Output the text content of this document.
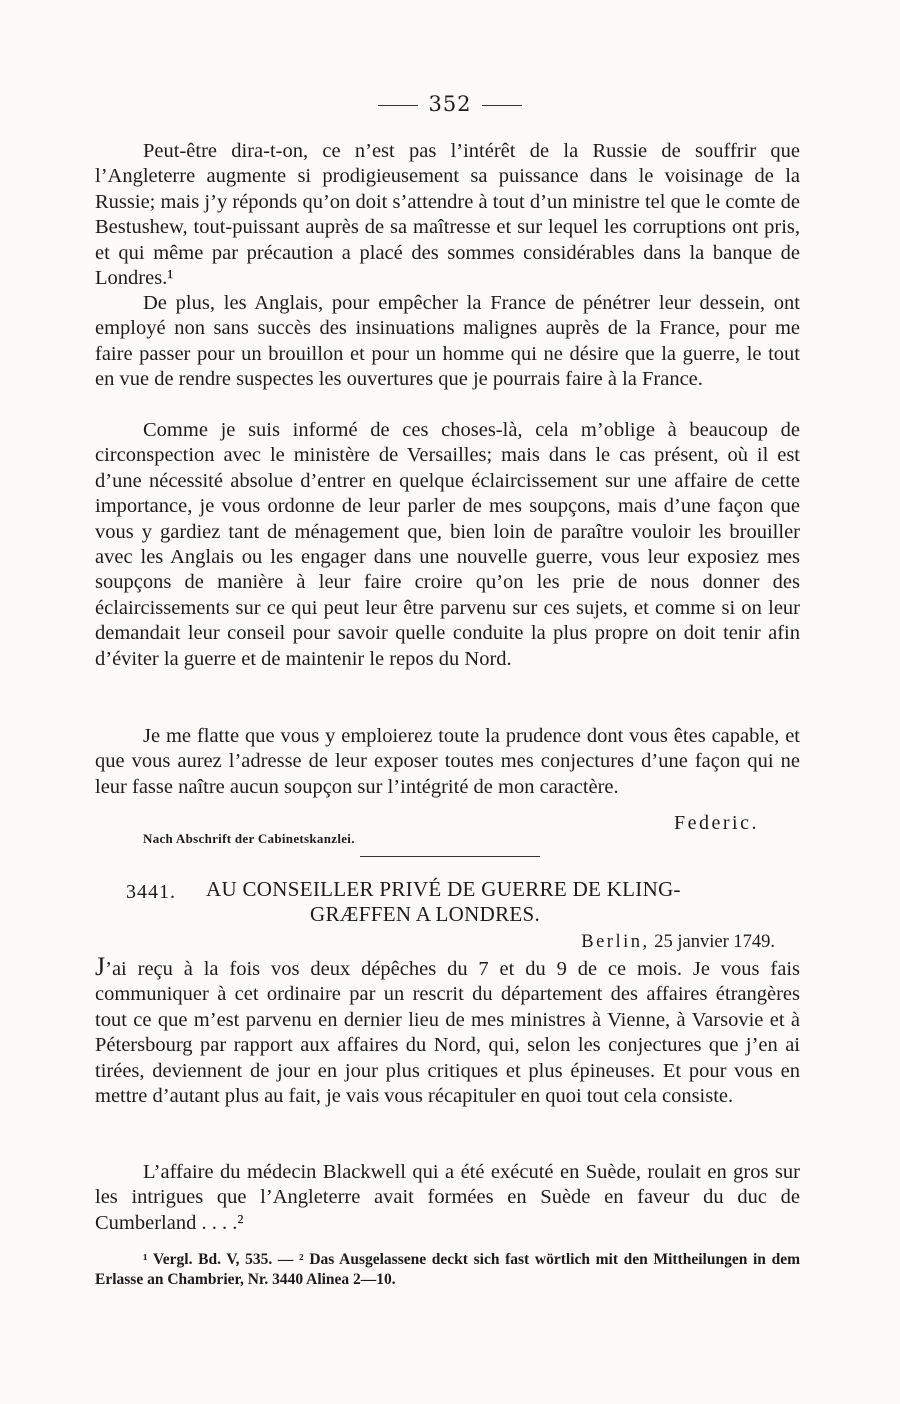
352

Peut-être dira-t-on, ce n’est pas l’intérêt de la Russie de souffrir que l’Angleterre augmente si prodigieusement sa puissance dans le voisinage de la Russie; mais j’y réponds qu’on doit s’attendre à tout d’un ministre tel que le comte de Bestushew, tout-puissant auprès de sa maîtresse et sur lequel les corruptions ont pris, et qui même par précaution a placé des sommes considérables dans la banque de Londres.¹

De plus, les Anglais, pour empêcher la France de pénétrer leur dessein, ont employé non sans succès des insinuations malignes auprès de la France, pour me faire passer pour un brouillon et pour un homme qui ne désire que la guerre, le tout en vue de rendre suspectes les ouvertures que je pourrais faire à la France.

Comme je suis informé de ces choses-là, cela m’oblige à beaucoup de circonspection avec le ministère de Versailles; mais dans le cas présent, où il est d’une nécessité absolue d’entrer en quelque éclaircissement sur une affaire de cette importance, je vous ordonne de leur parler de mes soupçons, mais d’une façon que vous y gardiez tant de ménagement que, bien loin de paraître vouloir les brouiller avec les Anglais ou les engager dans une nouvelle guerre, vous leur exposiez mes soupçons de manière à leur faire croire qu’on les prie de nous donner des éclaircissements sur ce qui peut leur être parvenu sur ces sujets, et comme si on leur demandait leur conseil pour savoir quelle conduite la plus propre on doit tenir afin d’éviter la guerre et de maintenir le repos du Nord.

Je me flatte que vous y emploierez toute la prudence dont vous êtes capable, et que vous aurez l’adresse de leur exposer toutes mes conjectures d’une façon qui ne leur fasse naître aucun soupçon sur l’intégrité de mon caractère.

Federic.
Nach Abschrift der Cabinetskanzlei.
3441. AU CONSEILLER PRIVÉ DE GUERRE DE KLING-
GRÆFFEN A LONDRES.
Berlin, 25 janvier 1749.

J’ai reçu à la fois vos deux dépêches du 7 et du 9 de ce mois. Je vous fais communiquer à cet ordinaire par un rescrit du département des affaires étrangères tout ce que m’est parvenu en dernier lieu de mes ministres à Vienne, à Varsovie et à Pétersbourg par rapport aux affaires du Nord, qui, selon les conjectures que j’en ai tirées, deviennent de jour en jour plus critiques et plus épineuses. Et pour vous en mettre d’autant plus au fait, je vais vous récapituler en quoi tout cela consiste.

L’affaire du médecin Blackwell qui a été exécuté en Suède, roulait en gros sur les intrigues que l’Angleterre avait formées en Suède en faveur du duc de Cumberland . . . .²

¹ Vergl. Bd. V, 535. — ² Das Ausgelassene deckt sich fast wörtlich mit den Mittheilungen in dem Erlasse an Chambrier, Nr. 3440 Alinea 2—10.
